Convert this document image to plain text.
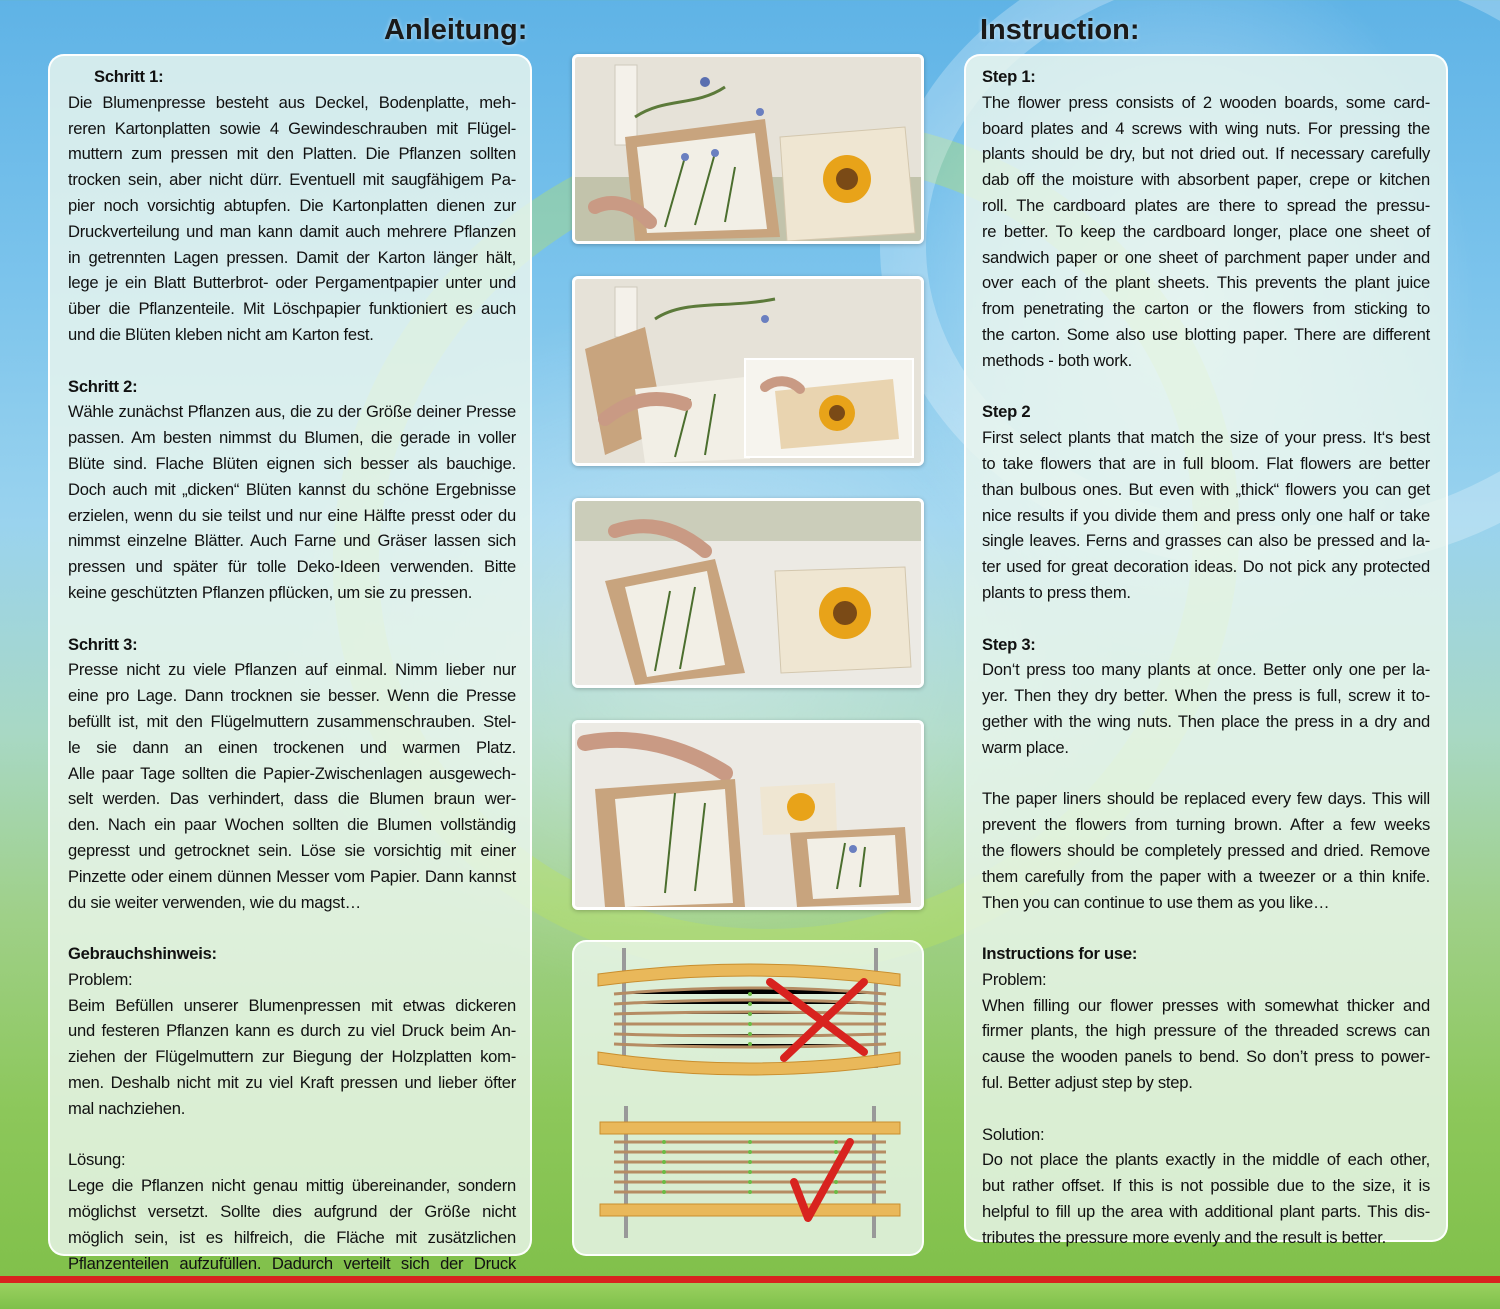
Anleitung:	Instruction:

Schritt 1:

Die Blumenpresse besteht aus Deckel, Bodenplatte, meh-

reren Kartonplatten sowie 4 Gewindeschrauben mit Flügel-

muttern zum pressen mit den Platten. Die Pflanzen sollten

trocken sein, aber nicht dürr. Eventuell mit saugfähigem Pa-

pier noch vorsichtig abtupfen. Die Kartonplatten dienen zur

Druckverteilung und man kann damit auch mehrere Pflanzen

in getrennten Lagen pressen. Damit der Karton länger hält,

lege je ein Blatt Butterbrot- oder Pergamentpapier unter und

über die Pflanzenteile. Mit Löschpapier funktioniert es auch

und die Blüten kleben nicht am Karton fest.

Schritt 2:

Wähle zunächst Pflanzen aus, die zu der Größe deiner Presse

passen. Am besten nimmst du Blumen, die gerade in voller

Blüte sind. Flache Blüten eignen sich besser als bauchige.

Doch auch mit „dicken“ Blüten kannst du schöne Ergebnisse

erzielen, wenn du sie teilst und nur eine Hälfte presst oder du

nimmst einzelne Blätter. Auch Farne und Gräser lassen sich

pressen und später für tolle Deko-Ideen verwenden. Bitte

keine geschützten Pflanzen pflücken, um sie zu pressen.

Schritt 3:

Presse nicht zu viele Pflanzen auf einmal. Nimm lieber nur

eine pro Lage. Dann trocknen sie besser. Wenn die Presse

befüllt ist, mit den Flügelmuttern zusammenschrauben. Stel-

le sie dann an einen trockenen und warmen Platz.

Alle paar Tage sollten die Papier-Zwischenlagen ausgewech-

selt werden. Das verhindert, dass die Blumen braun wer-

den. Nach ein paar Wochen sollten die Blumen vollständig

gepresst und getrocknet sein. Löse sie vorsichtig mit einer

Pinzette oder einem dünnen Messer vom Papier. Dann kannst

du sie weiter verwenden, wie du magst…

Gebrauchshinweis:

Problem:

Beim Befüllen unserer Blumenpressen mit etwas dickeren

und festeren Pflanzen kann es durch zu viel Druck beim An-

ziehen der Flügelmuttern zur Biegung der Holzplatten kom-

men. Deshalb nicht mit zu viel Kraft pressen und lieber öfter

mal nachziehen.

Lösung:

Lege die Pflanzen nicht genau mittig übereinander, sondern

möglichst versetzt. Sollte dies aufgrund der Größe nicht

möglich sein, ist es hilfreich, die Fläche mit zusätzlichen

Pflanzenteilen aufzufüllen. Dadurch verteilt sich der Druck

Step 1:

The flower press consists of 2 wooden boards, some card-

board plates and 4 screws with wing nuts. For pressing the

plants should be dry, but not dried out. If necessary carefully

dab off the moisture with absorbent paper, crepe or kitchen

roll. The cardboard plates are there to spread the pressu-

re better. To keep the cardboard longer, place one sheet of

sandwich paper or one sheet of parchment paper under and

over each of the plant sheets. This prevents the plant juice

from penetrating the carton or the flowers from sticking to

the carton. Some also use blotting paper. There are different

methods - both work.

Step 2

First select plants that match the size of your press. It‘s best

to take flowers that are in full bloom. Flat flowers are better

than bulbous ones. But even with „thick“ flowers you can get

nice results if you divide them and press only one half or take

single leaves. Ferns and grasses can also be pressed and la-

ter used for great decoration ideas. Do not pick any protected

plants to press them.

Step 3:

Don‘t press too many plants at once. Better only one per la-

yer. Then they dry better. When the press is full, screw it to-

gether with the wing nuts. Then place the press in a dry and

warm place.

The paper liners should be replaced every few days. This will

prevent the flowers from turning brown. After a few weeks

the flowers should be completely pressed and dried. Remove

them carefully from the paper with a tweezer or a thin knife.

Then you can continue to use them as you like…

Instructions for use:

Problem:

When filling our flower presses with somewhat thicker and

firmer plants, the high pressure of the threaded screws can

cause the wooden panels to bend. So don’t press to power-

ful. Better adjust step by step.

Solution:

Do not place the plants exactly in the middle of each other,

but rather offset. If this is not possible due to the size, it is

helpful to fill up the area with additional plant parts. This dis-

tributes the pressure more evenly and the result is better.
